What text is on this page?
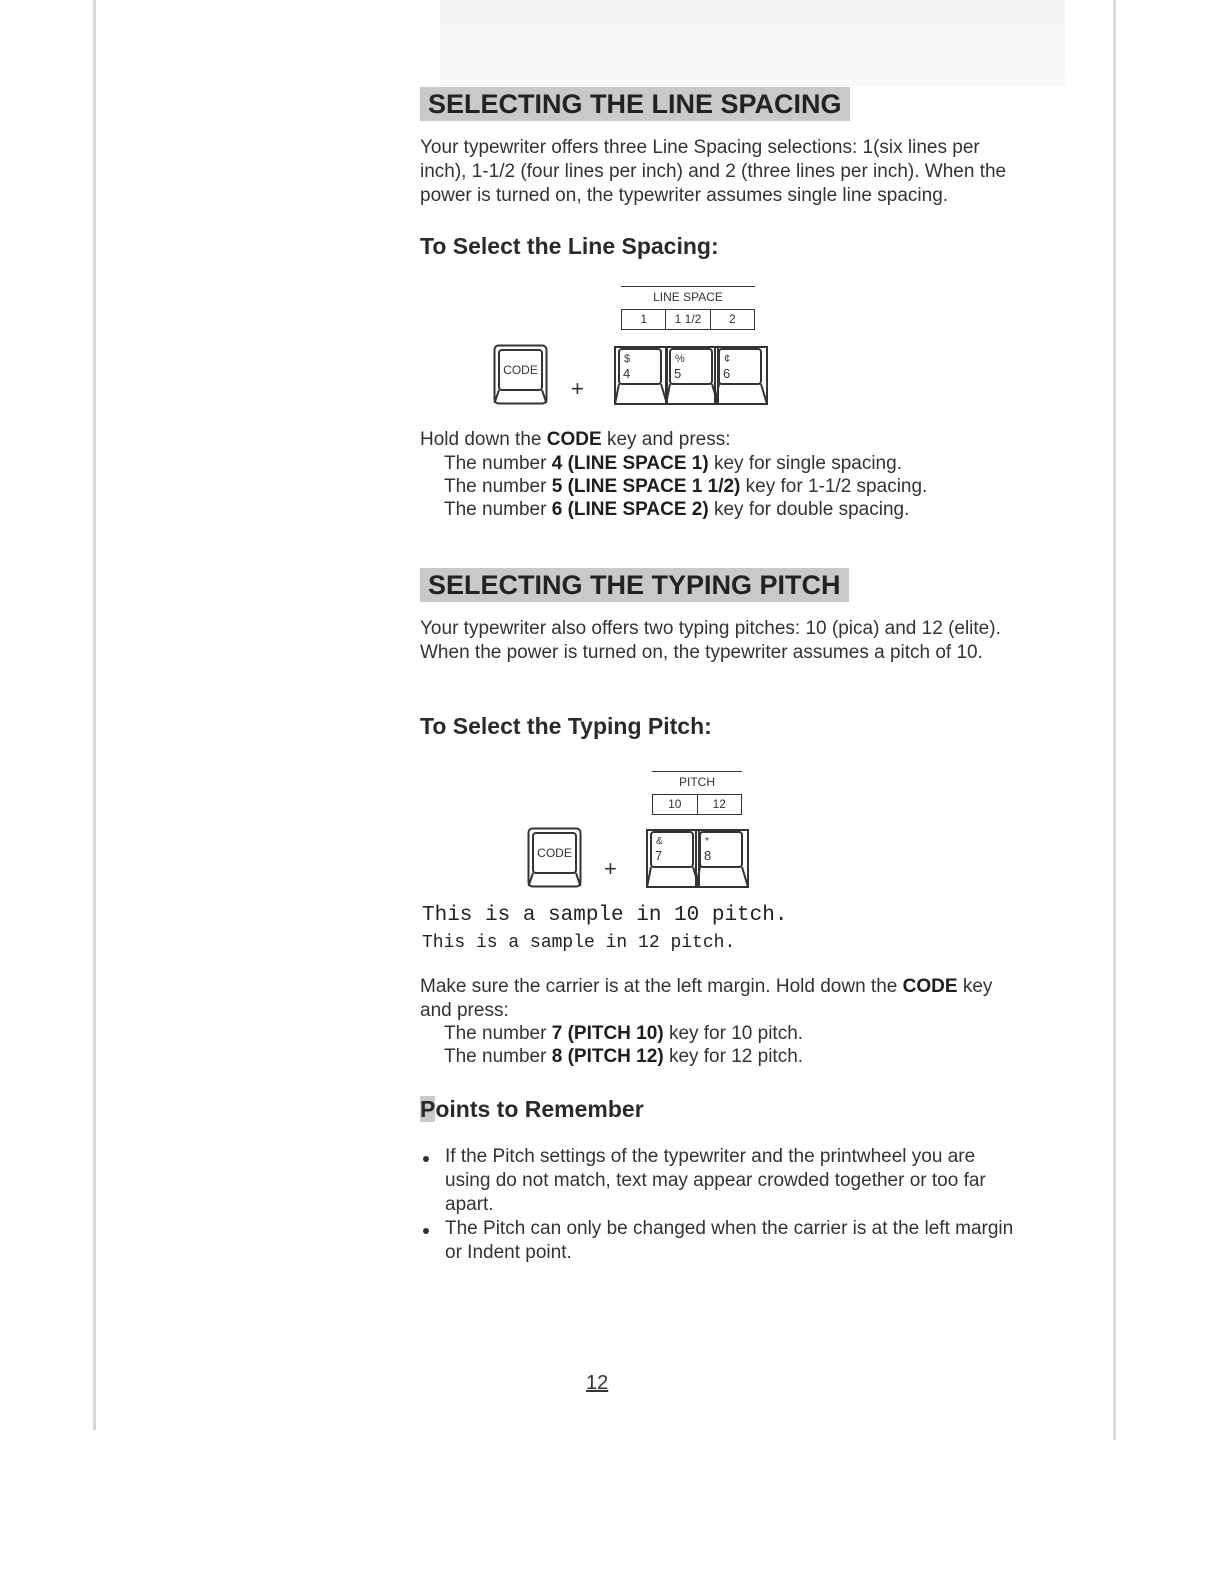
SELECTING THE LINE SPACING
Your typewriter offers three Line Spacing selections: 1(six lines per inch), 1-1/2 (four lines per inch) and 2 (three lines per inch). When the power is turned on, the typewriter assumes single line spacing.
To Select the Line Spacing:
LINE SPACE
1	1 1/2	2
CODE
+
$
4
%
5
¢
6
Hold down the CODE key and press:
The number 4 (LINE SPACE 1) key for single spacing.
The number 5 (LINE SPACE 1 1/2) key for 1-1/2 spacing.
The number 6 (LINE SPACE 2) key for double spacing.
SELECTING THE TYPING PITCH
Your typewriter also offers two typing pitches: 10 (pica) and 12 (elite). When the power is turned on, the typewriter assumes a pitch of 10.
To Select the Typing Pitch:
PITCH
10	12
CODE
+
&
7
*
8
This is a sample in 10 pitch.
This is a sample in 12 pitch.
Make sure the carrier is at the left margin. Hold down the CODE key
and press:
The number 7 (PITCH 10) key for 10 pitch.
The number 8 (PITCH 12) key for 12 pitch.
Points to Remember
If the Pitch settings of the typewriter and the printwheel you are using do not match, text may appear crowded together or too far apart.
The Pitch can only be changed when the carrier is at the left margin or Indent point.
12
